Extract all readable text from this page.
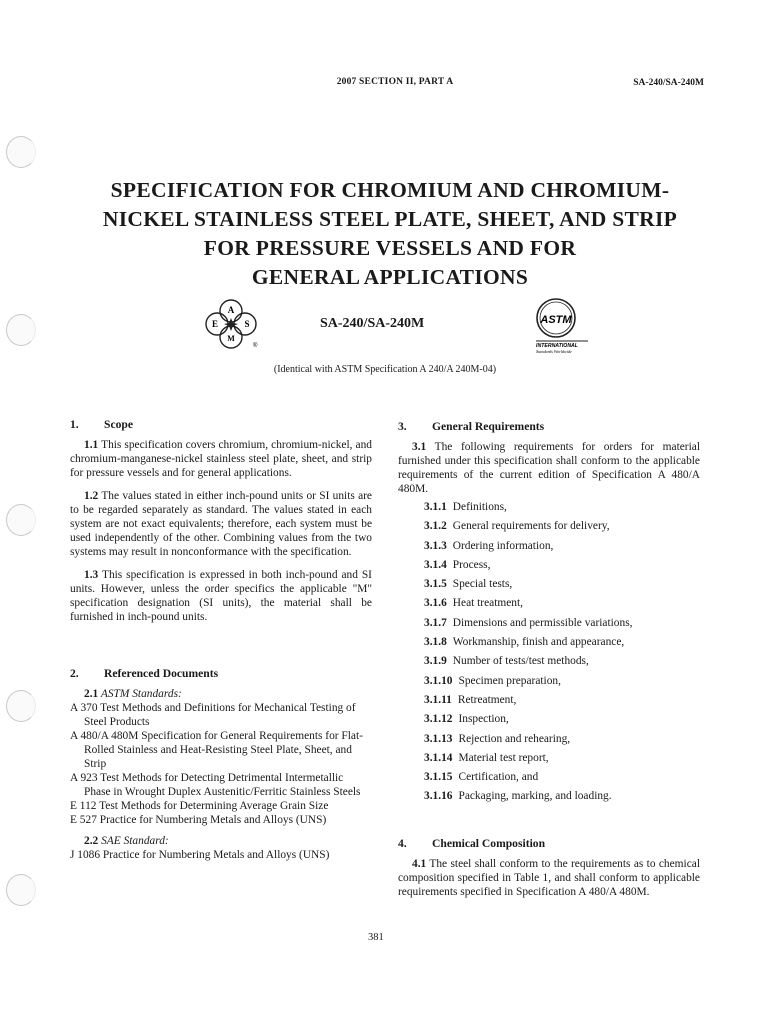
2007 SECTION II, PART A	SA-240/SA-240M
SPECIFICATION FOR CHROMIUM AND CHROMIUM-
NICKEL STAINLESS STEEL PLATE, SHEET, AND STRIP
FOR PRESSURE VESSELS AND FOR
GENERAL APPLICATIONS
A
E	S
M
®
SA-240/SA-240M	ASTM
INTERNATIONAL
Standards Worldwide
(Identical with ASTM Specification A 240/A 240M-04)
1.	Scope

1.1 This specification covers chromium, chromium-nickel, and chromium-manganese-nickel stainless steel plate, sheet, and strip for pressure vessels and for general applications.

1.2 The values stated in either inch-pound units or SI units are to be regarded separately as standard. The values stated in each system are not exact equivalents; therefore, each system must be used independently of the other. Combining values from the two systems may result in nonconformance with the specification.

1.3 This specification is expressed in both inch-pound and SI units. However, unless the order specifics the applicable "M" specification designation (SI units), the material shall be furnished in inch-pound units.

2.	Referenced Documents

2.1 ASTM Standards:

A 370 Test Methods and Definitions for Mechanical Testing of Steel Products

A 480/A 480M Specification for General Requirements for Flat-Rolled Stainless and Heat-Resisting Steel Plate, Sheet, and Strip

A 923 Test Methods for Detecting Detrimental Intermetallic Phase in Wrought Duplex Austenitic/Ferritic Stainless Steels

E 112 Test Methods for Determining Average Grain Size

E 527 Practice for Numbering Metals and Alloys (UNS)

2.2 SAE Standard:

J 1086 Practice for Numbering Metals and Alloys (UNS)

3.	General Requirements

3.1 The following requirements for orders for material furnished under this specification shall conform to the applicable requirements of the current edition of Specification A 480/A 480M.

3.1.1 Definitions,
3.1.2 General requirements for delivery,
3.1.3 Ordering information,
3.1.4 Process,
3.1.5 Special tests,
3.1.6 Heat treatment,
3.1.7 Dimensions and permissible variations,
3.1.8 Workmanship, finish and appearance,
3.1.9 Number of tests/test methods,
3.1.10 Specimen preparation,
3.1.11 Retreatment,
3.1.12 Inspection,
3.1.13 Rejection and rehearing,
3.1.14 Material test report,
3.1.15 Certification, and
3.1.16 Packaging, marking, and loading.
4.	Chemical Composition

4.1 The steel shall conform to the requirements as to chemical composition specified in Table 1, and shall conform to applicable requirements specified in Specification A 480/A 480M.

381
